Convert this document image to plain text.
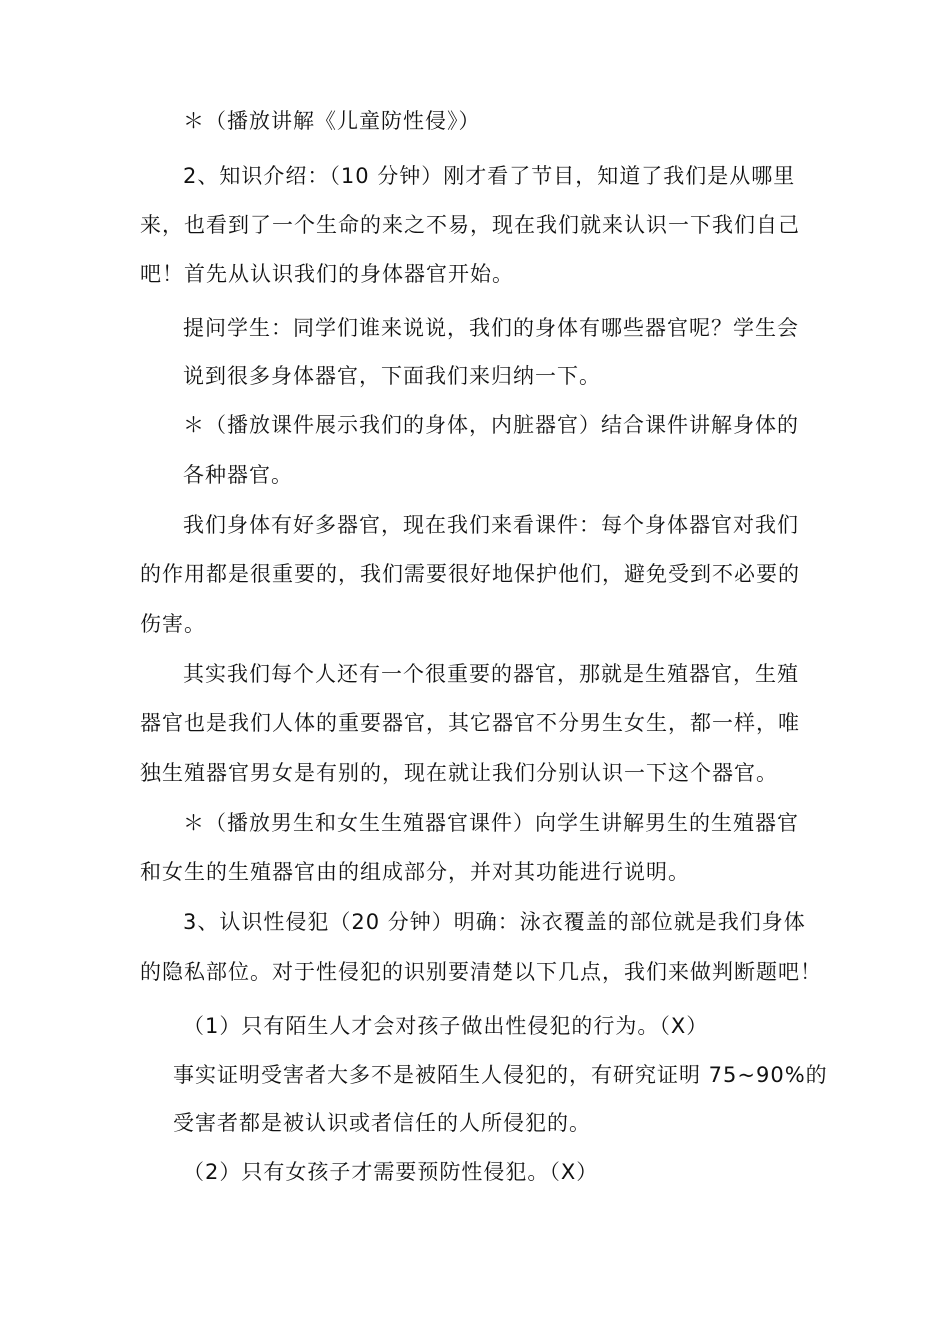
＊（播放讲解《儿童防性侵》）
2、知识介绍：（10 分钟）刚才看了节目，知道了我们是从哪里
来，也看到了一个生命的来之不易，现在我们就来认识一下我们自己
吧！首先从认识我们的身体器官开始。
提问学生：同学们谁来说说，我们的身体有哪些器官呢？学生会
说到很多身体器官，下面我们来归纳一下。
＊（播放课件展示我们的身体，内脏器官）结合课件讲解身体的
各种器官。
我们身体有好多器官，现在我们来看课件：每个身体器官对我们
的作用都是很重要的，我们需要很好地保护他们，避免受到不必要的
伤害。
其实我们每个人还有一个很重要的器官，那就是生殖器官，生殖
器官也是我们人体的重要器官，其它器官不分男生女生，都一样，唯
独生殖器官男女是有别的，现在就让我们分别认识一下这个器官。
＊（播放男生和女生生殖器官课件）向学生讲解男生的生殖器官
和女生的生殖器官由的组成部分，并对其功能进行说明。
3、认识性侵犯（20 分钟）明确：泳衣覆盖的部位就是我们身体
的隐私部位。对于性侵犯的识别要清楚以下几点，我们来做判断题吧！
（1）只有陌生人才会对孩子做出性侵犯的行为。（X）
事实证明受害者大多不是被陌生人侵犯的，有研究证明 75~90%的
受害者都是被认识或者信任的人所侵犯的。
（2）只有女孩子才需要预防性侵犯。（X）
